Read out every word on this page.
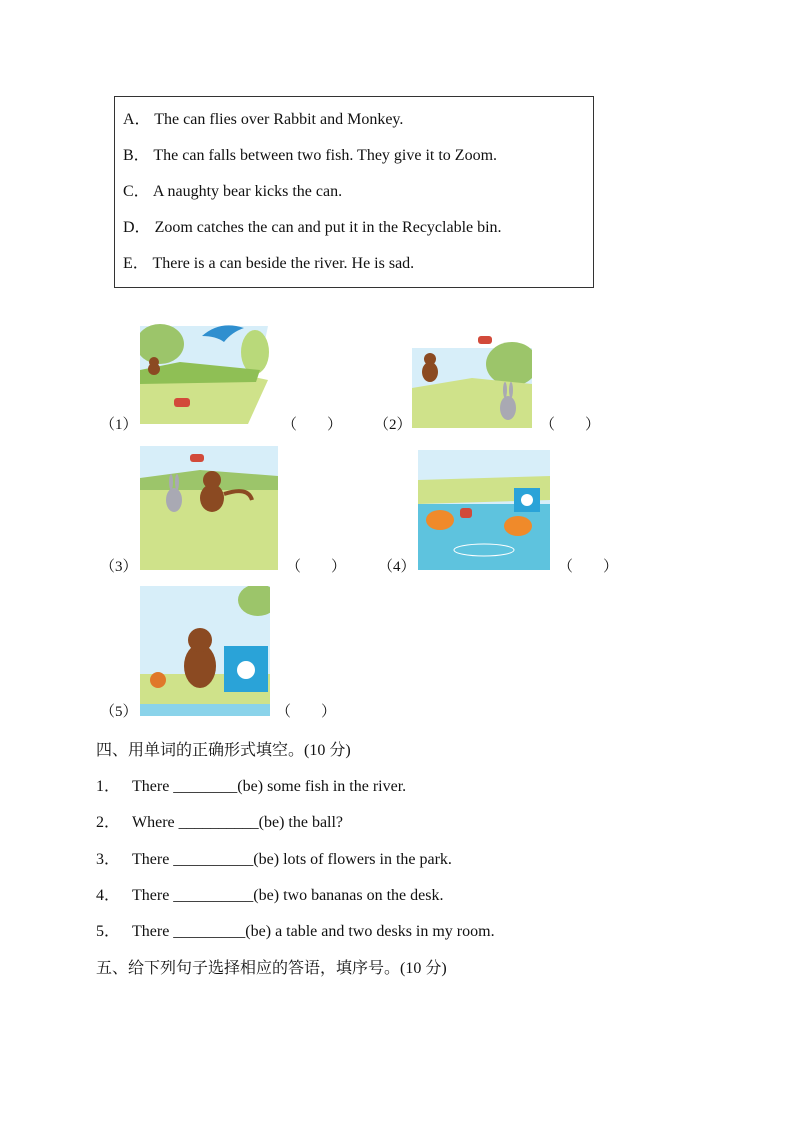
A． The can flies over Rabbit and Monkey.
B． The can falls between two fish. They give it to Zoom.
C． A naughty bear kicks the can.
D． Zoom catches the can and put it in the Recyclable bin.
E． There is a can beside the river. He is sad.
（1）	（　　） （2）	（　　）
（3）	（　　） （4）	（　　）
（5）	（　　）
四、用单词的正确形式填空。(10 分)
1． There ________(be) some fish in the river.
2． Where __________(be) the ball?
3． There __________(be) lots of flowers in the park.
4． There __________(be) two bananas on the desk.
5． There _________(be) a table and two desks in my room.
五、给下列句子选择相应的答语，填序号。(10 分)
